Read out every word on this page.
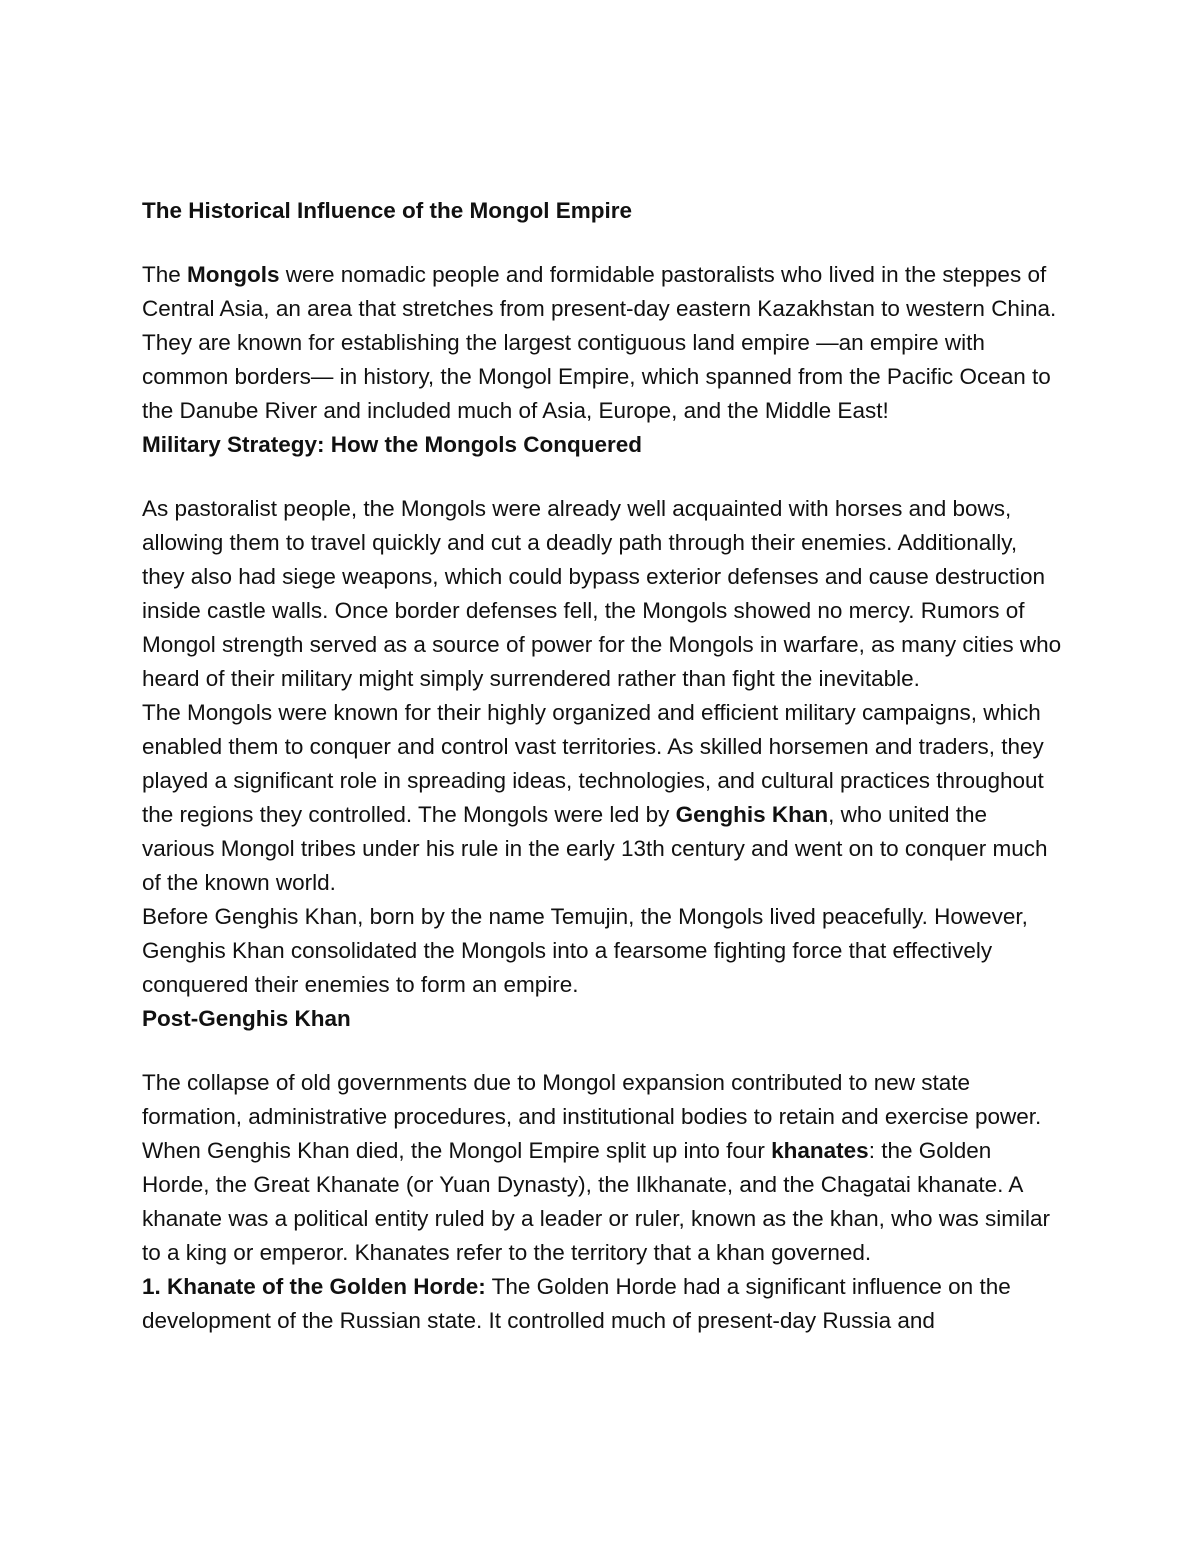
The Historical Influence of the Mongol Empire

The Mongols were nomadic people and formidable pastoralists who lived in the steppes of Central Asia, an area that stretches from present-day eastern Kazakhstan to western China. They are known for establishing the largest contiguous land empire —an empire with common borders— in history, the Mongol Empire, which spanned from the Pacific Ocean to the Danube River and included much of Asia, Europe, and the Middle East!

Military Strategy: How the Mongols Conquered

As pastoralist people, the Mongols were already well acquainted with horses and bows, allowing them to travel quickly and cut a deadly path through their enemies. Additionally, they also had siege weapons, which could bypass exterior defenses and cause destruction inside castle walls. Once border defenses fell, the Mongols showed no mercy. Rumors of Mongol strength served as a source of power for the Mongols in warfare, as many cities who heard of their military might simply surrendered rather than fight the inevitable.

The Mongols were known for their highly organized and efficient military campaigns, which enabled them to conquer and control vast territories. As skilled horsemen and traders, they played a significant role in spreading ideas, technologies, and cultural practices throughout the regions they controlled. The Mongols were led by Genghis Khan, who united the various Mongol tribes under his rule in the early 13th century and went on to conquer much of the known world.

Before Genghis Khan, born by the name Temujin, the Mongols lived peacefully. However, Genghis Khan consolidated the Mongols into a fearsome fighting force that effectively conquered their enemies to form an empire.

Post-Genghis Khan

The collapse of old governments due to Mongol expansion contributed to new state formation, administrative procedures, and institutional bodies to retain and exercise power. When Genghis Khan died, the Mongol Empire split up into four khanates: the Golden Horde, the Great Khanate (or Yuan Dynasty), the Ilkhanate, and the Chagatai khanate. A khanate was a political entity ruled by a leader or ruler, known as the khan, who was similar to a king or emperor. Khanates refer to the territory that a khan governed.

1. Khanate of the Golden Horde: The Golden Horde had a significant influence on the development of the Russian state. It controlled much of present-day Russia and
